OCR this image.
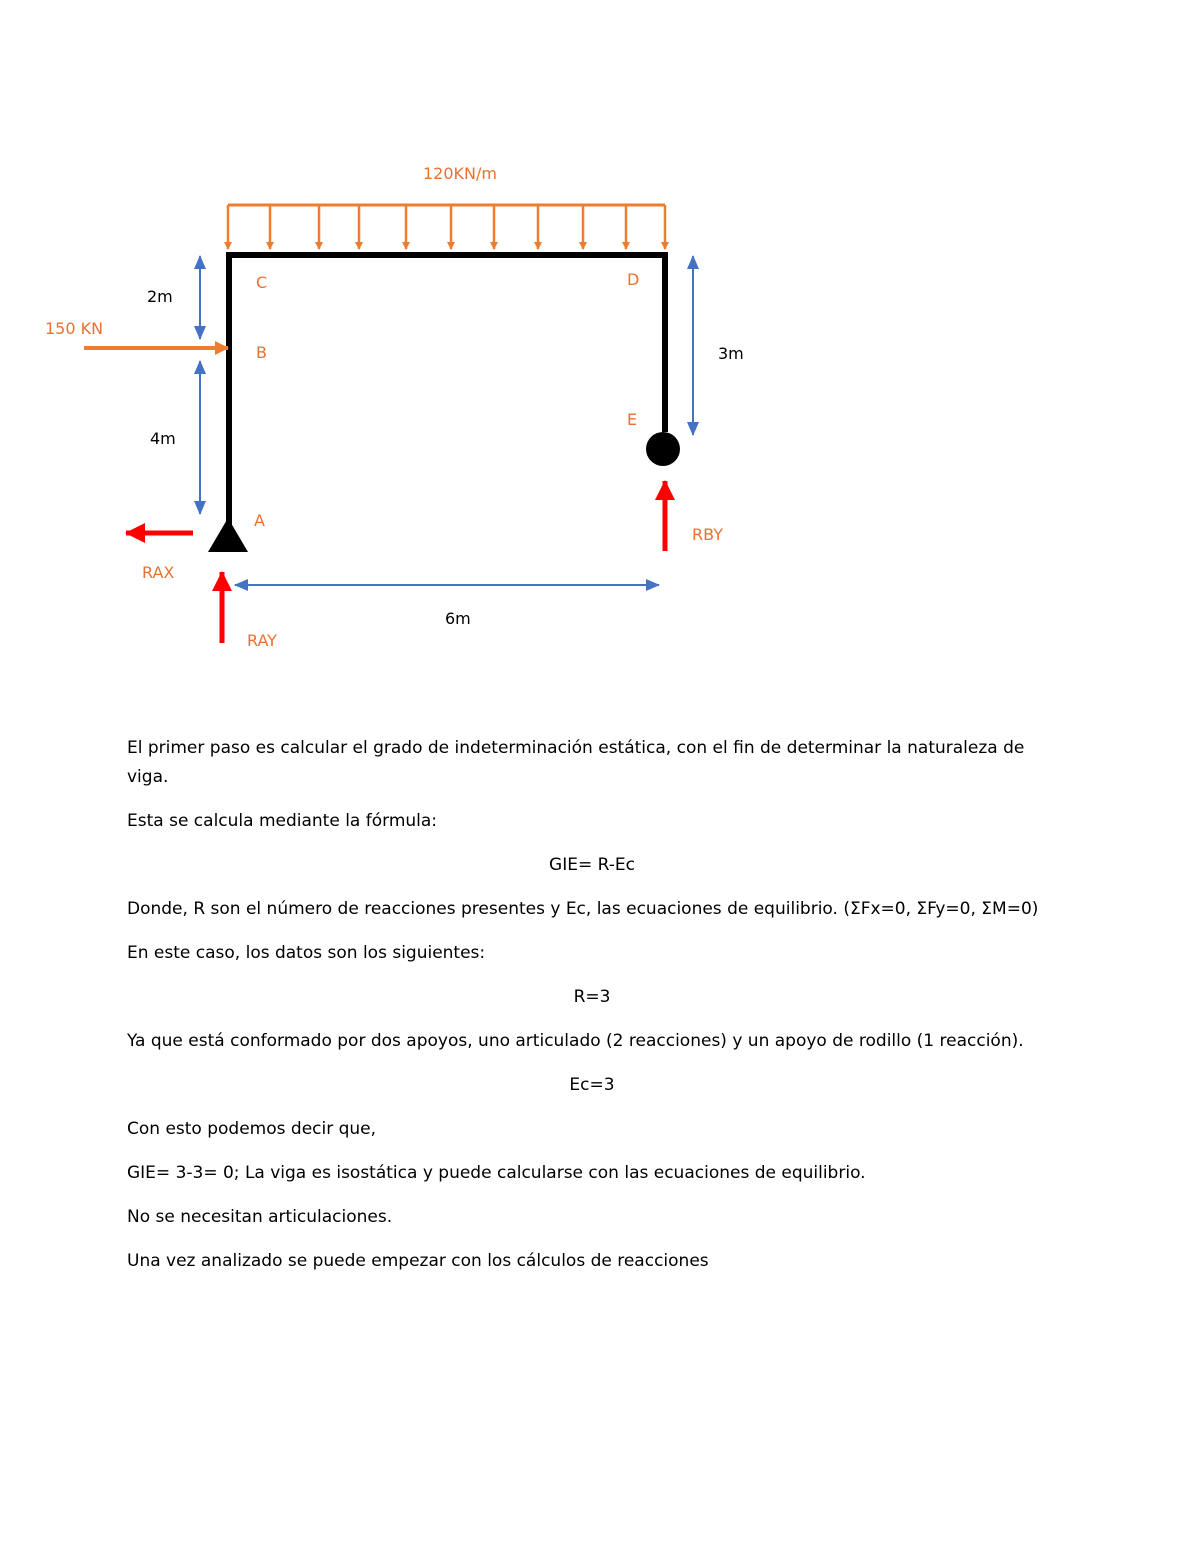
120KN/m
150 KN
2m
4m
3m
6m
C
B
A
D
E
RAX
RAY
RBY

El primer paso es calcular el grado de indeterminación estática, con el fin de determinar la naturaleza de viga.

Esta se calcula mediante la fórmula:

GIE= R-Ec

Donde, R son el número de reacciones presentes y Ec, las ecuaciones de equilibrio. (ΣFx=0, ΣFy=0, ΣM=0)

En este caso, los datos son los siguientes:

R=3

Ya que está conformado por dos apoyos, uno articulado (2 reacciones) y un apoyo de rodillo (1 reacción).

Ec=3

Con esto podemos decir que,

GIE= 3-3= 0; La viga es isostática y puede calcularse con las ecuaciones de equilibrio.

No se necesitan articulaciones.

Una vez analizado se puede empezar con los cálculos de reacciones
